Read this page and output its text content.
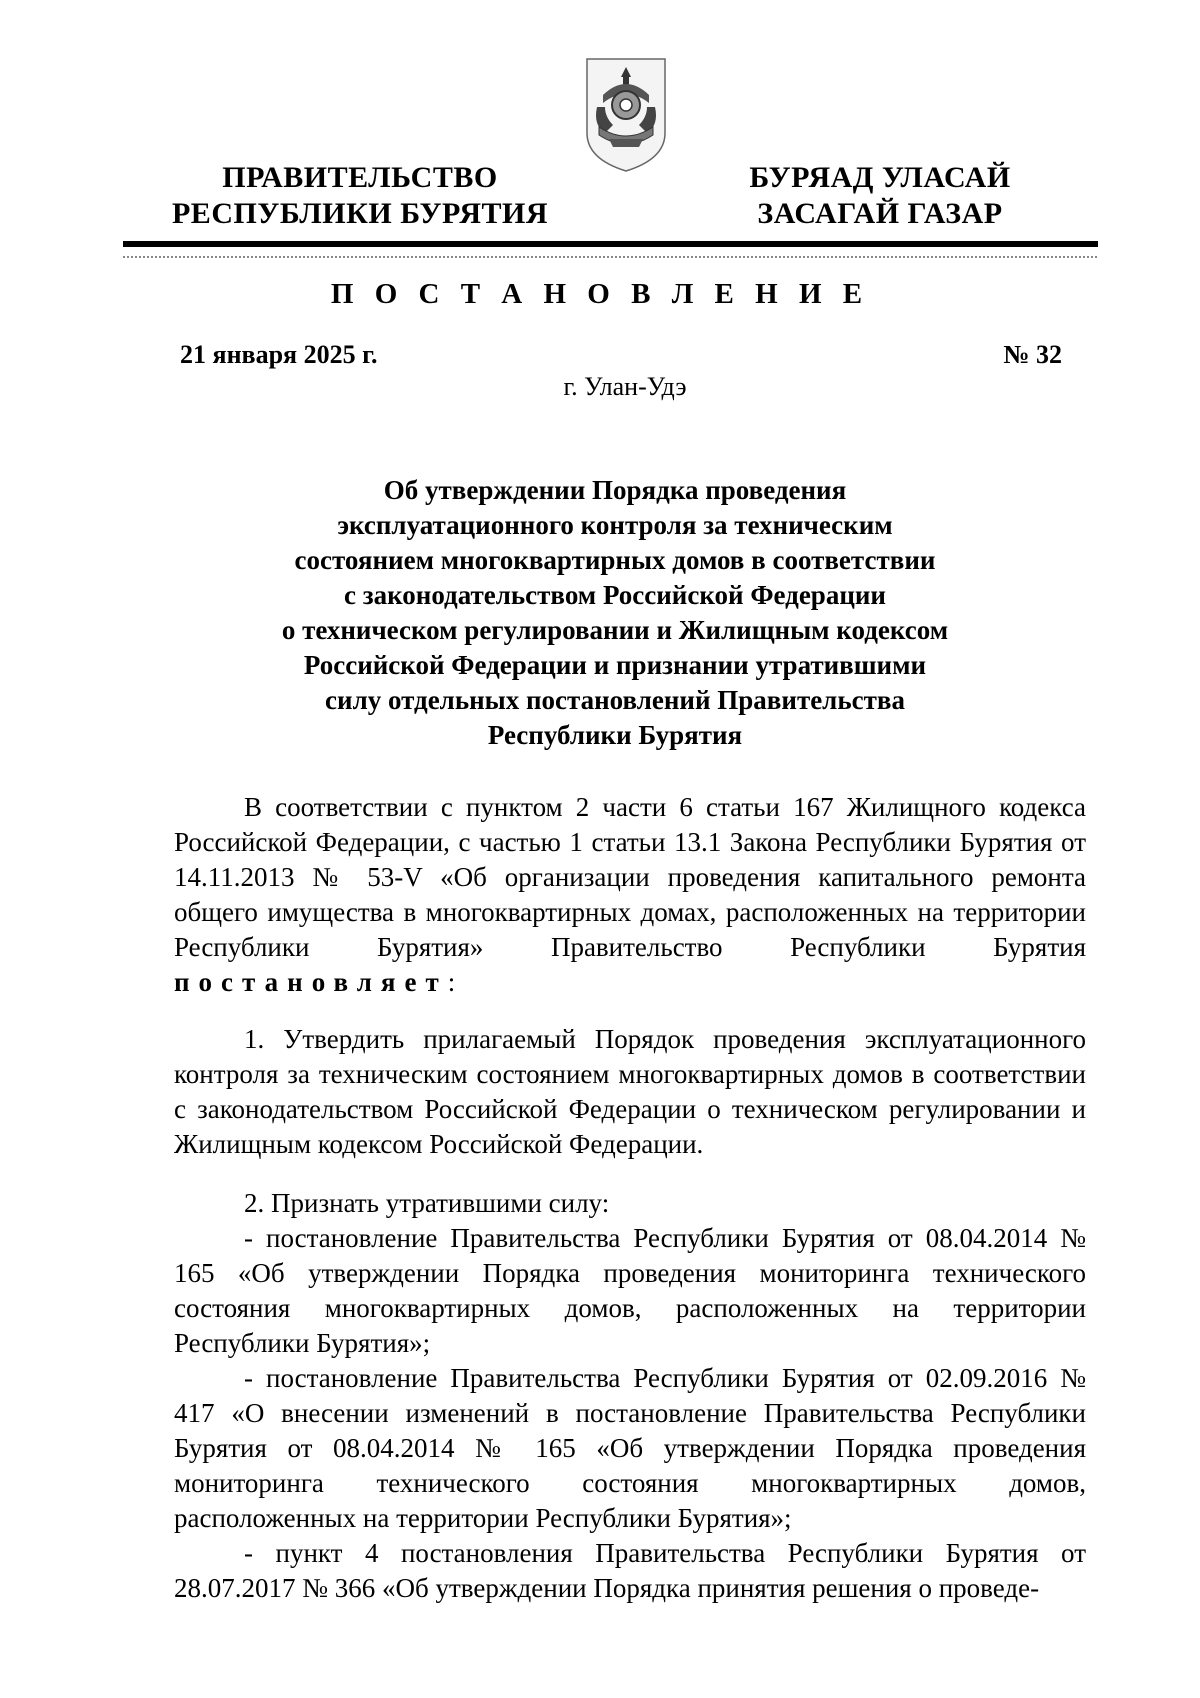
ПРАВИТЕЛЬСТВО
РЕСПУБЛИКИ БУРЯТИЯ
БУРЯАД УЛАСАЙ
ЗАСАГАЙ ГАЗАР
П О С Т А Н О В Л Е Н И Е
21 января 2025 г.	№ 32
г. Улан-Удэ
Об утверждении Порядка проведения
эксплуатационного контроля за техническим
состоянием многоквартирных домов в соответствии
с законодательством Российской Федерации
о техническом регулировании и Жилищным кодексом
Российской Федерации и признании утратившими
силу отдельных постановлений Правительства
Республики Бурятия

В соответствии с пунктом 2 части 6 статьи 167 Жилищного кодекса Российской Федерации, с частью 1 статьи 13.1 Закона Республики Бурятия от 14.11.2013 № 53-V «Об организации проведения капитального ремонта общего имущества в многоквартирных домах, расположенных на территории Республики Бурятия» Правительство Республики Бурятия постановляет:

1. Утвердить прилагаемый Порядок проведения эксплуатационного контроля за техническим состоянием многоквартирных домов в соответствии с законодательством Российской Федерации о техническом регулировании и Жилищным кодексом Российской Федерации.

2. Признать утратившими силу:

- постановление Правительства Республики Бурятия от 08.04.2014 № 165 «Об утверждении Порядка проведения мониторинга технического состояния многоквартирных домов, расположенных на территории Республики Бурятия»;

- постановление Правительства Республики Бурятия от 02.09.2016 № 417 «О внесении изменений в постановление Правительства Республики Бурятия от 08.04.2014 № 165 «Об утверждении Порядка проведения мониторинга технического состояния многоквартирных домов, расположенных на территории Республики Бурятия»;

- пункт 4 постановления Правительства Республики Бурятия от 28.07.2017 № 366 «Об утверждении Порядка принятия решения о проведе-
